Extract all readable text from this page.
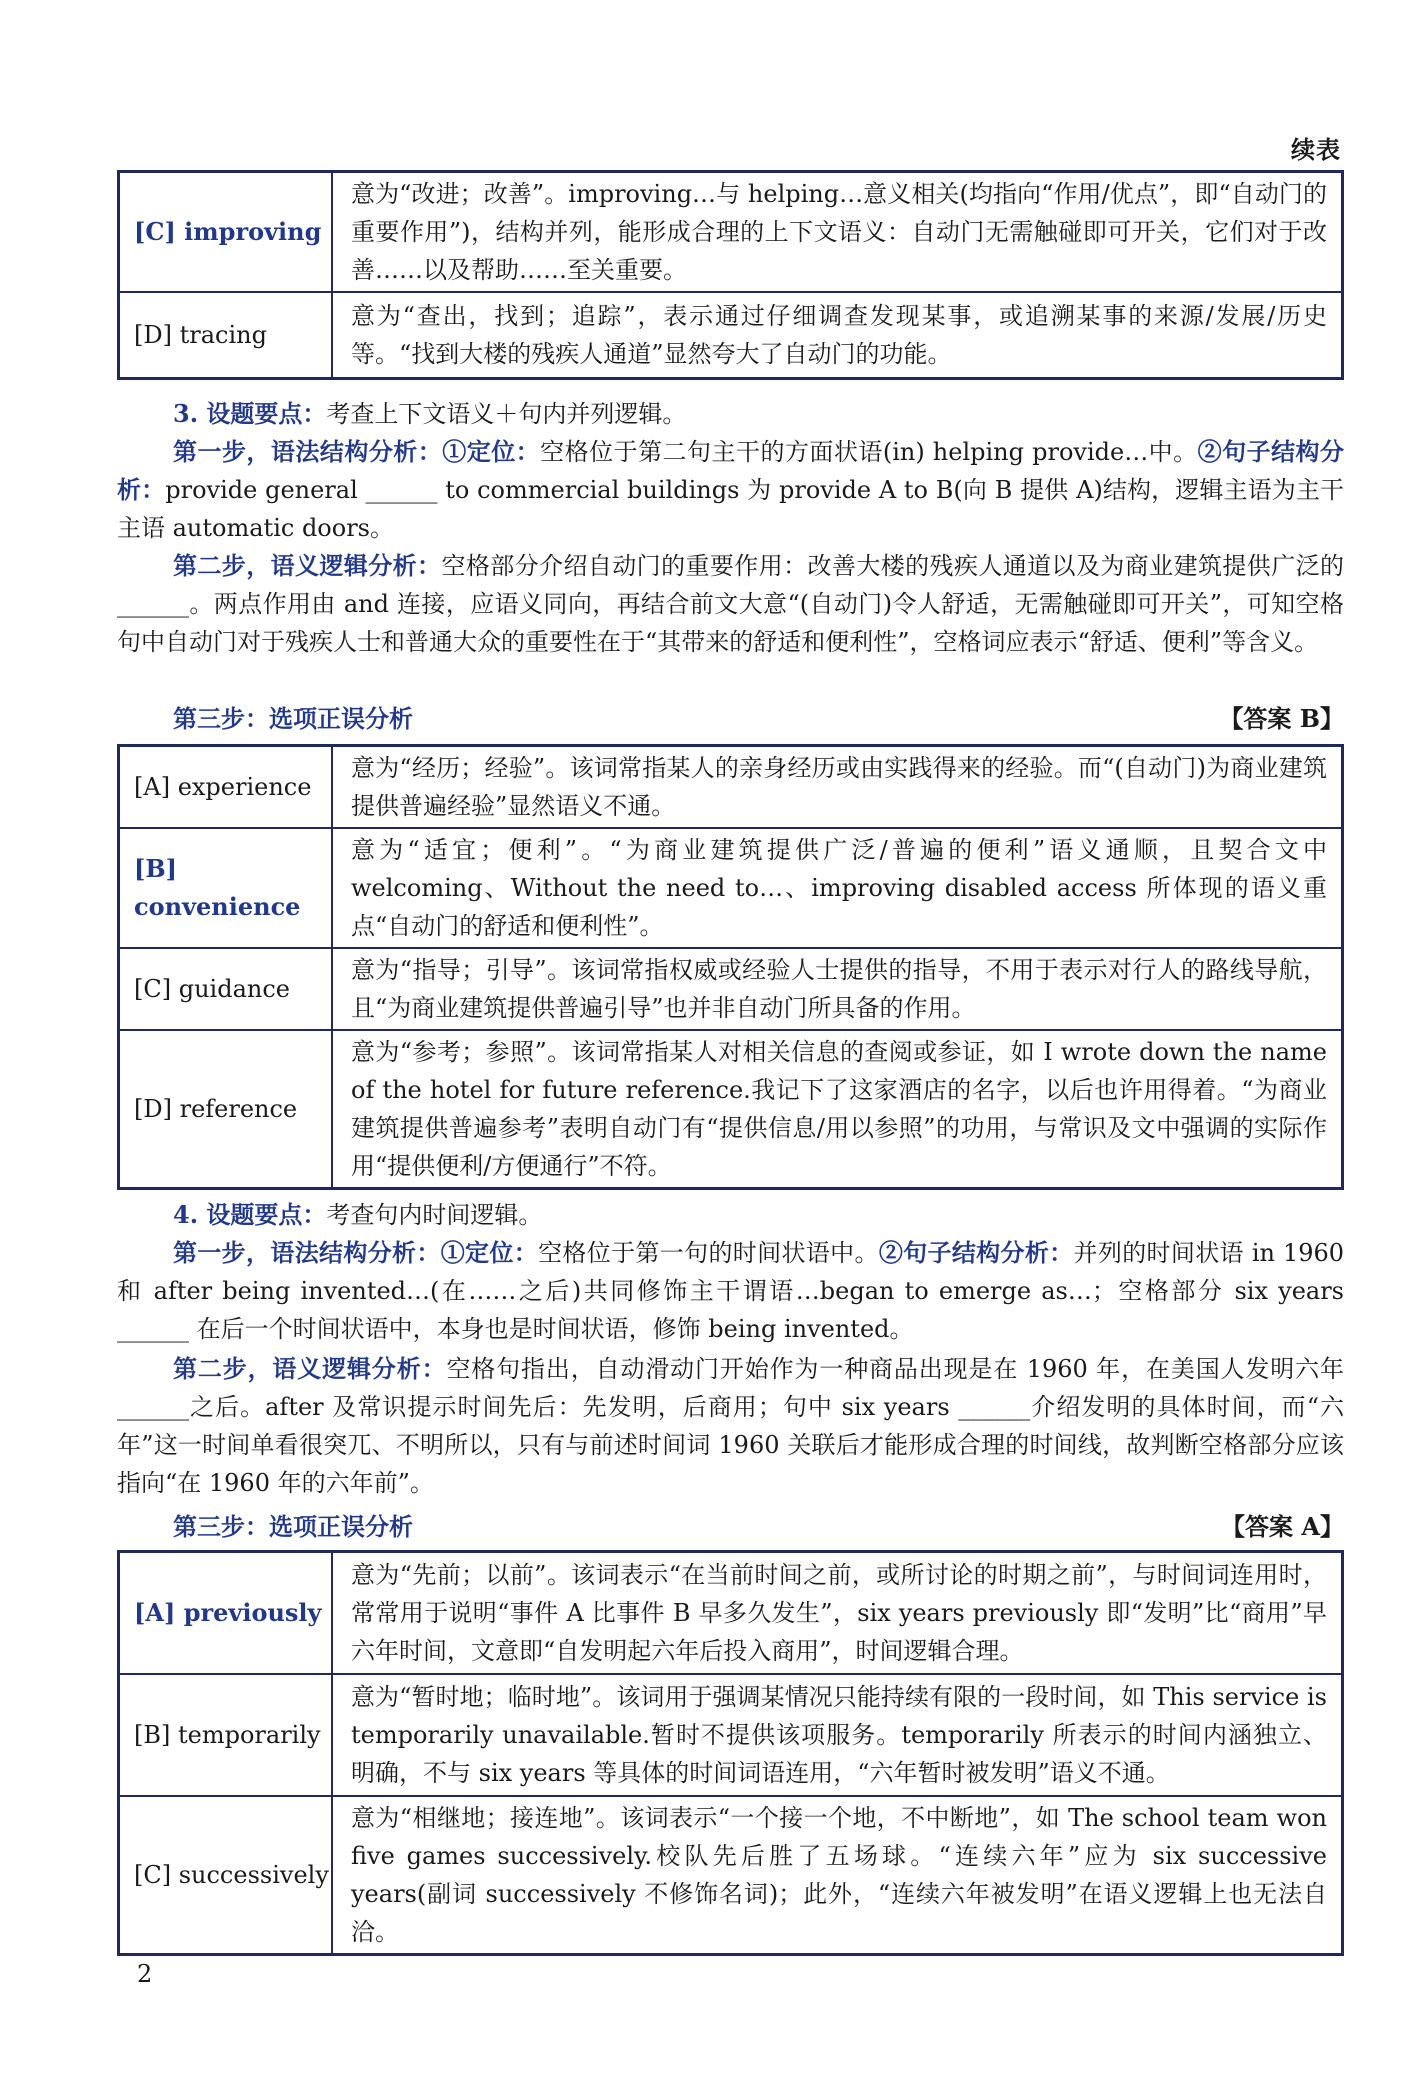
续表
[C] improving	意为“改进；改善”。improving…与 helping…意义相关(均指向“作用/优点”，即“自动门的重要作用”)，结构并列，能形成合理的上下文语义：自动门无需触碰即可开关，它们对于改善……以及帮助……至关重要。
[D] tracing	意为“查出，找到；追踪”，表示通过仔细调查发现某事，或追溯某事的来源/发展/历史等。“找到大楼的残疾人通道”显然夸大了自动门的功能。
3. 设题要点：考查上下文语义＋句内并列逻辑。
第一步，语法结构分析：①定位：空格位于第二句主干的方面状语(in) helping provide…中。②句子结构分析：provide general ______ to commercial buildings 为 provide A to B(向 B 提供 A)结构，逻辑主语为主干主语 automatic doors。
第二步，语义逻辑分析：空格部分介绍自动门的重要作用：改善大楼的残疾人通道以及为商业建筑提供广泛的______。两点作用由 and 连接，应语义同向，再结合前文大意“(自动门)令人舒适，无需触碰即可开关”，可知空格句中自动门对于残疾人士和普通大众的重要性在于“其带来的舒适和便利性”，空格词应表示“舒适、便利”等含义。
第三步：选项正误分析	【答案 B】
[A] experience	意为“经历；经验”。该词常指某人的亲身经历或由实践得来的经验。而“(自动门)为商业建筑提供普遍经验”显然语义不通。
[B] convenience	意为“适宜；便利”。“为商业建筑提供广泛/普遍的便利”语义通顺，且契合文中 welcoming、Without the need to…、improving disabled access 所体现的语义重点“自动门的舒适和便利性”。
[C] guidance	意为“指导；引导”。该词常指权威或经验人士提供的指导，不用于表示对行人的路线导航，且“为商业建筑提供普遍引导”也并非自动门所具备的作用。
[D] reference	意为“参考；参照”。该词常指某人对相关信息的查阅或参证，如 I wrote down the name of the hotel for future reference.我记下了这家酒店的名字，以后也许用得着。“为商业建筑提供普遍参考”表明自动门有“提供信息/用以参照”的功用，与常识及文中强调的实际作用“提供便利/方便通行”不符。
4. 设题要点：考查句内时间逻辑。
第一步，语法结构分析：①定位：空格位于第一句的时间状语中。②句子结构分析：并列的时间状语 in 1960 和 after being invented…(在……之后)共同修饰主干谓语…began to emerge as…；空格部分 six years ______ 在后一个时间状语中，本身也是时间状语，修饰 being invented。
第二步，语义逻辑分析：空格句指出，自动滑动门开始作为一种商品出现是在 1960 年，在美国人发明六年______之后。after 及常识提示时间先后：先发明，后商用；句中 six years ______介绍发明的具体时间，而“六年”这一时间单看很突兀、不明所以，只有与前述时间词 1960 关联后才能形成合理的时间线，故判断空格部分应该指向“在 1960 年的六年前”。
第三步：选项正误分析	【答案 A】
[A] previously	意为“先前；以前”。该词表示“在当前时间之前，或所讨论的时期之前”，与时间词连用时，常常用于说明“事件 A 比事件 B 早多久发生”，six years previously 即“发明”比“商用”早六年时间，文意即“自发明起六年后投入商用”，时间逻辑合理。
[B] temporarily	意为“暂时地；临时地”。该词用于强调某情况只能持续有限的一段时间，如 This service is temporarily unavailable.暂时不提供该项服务。temporarily 所表示的时间内涵独立、明确，不与 six years 等具体的时间词语连用，“六年暂时被发明”语义不通。
[C] successively	意为“相继地；接连地”。该词表示“一个接一个地，不中断地”，如 The school team won five games successively.校队先后胜了五场球。“连续六年”应为 six successive years(副词 successively 不修饰名词)；此外，“连续六年被发明”在语义逻辑上也无法自洽。
2
